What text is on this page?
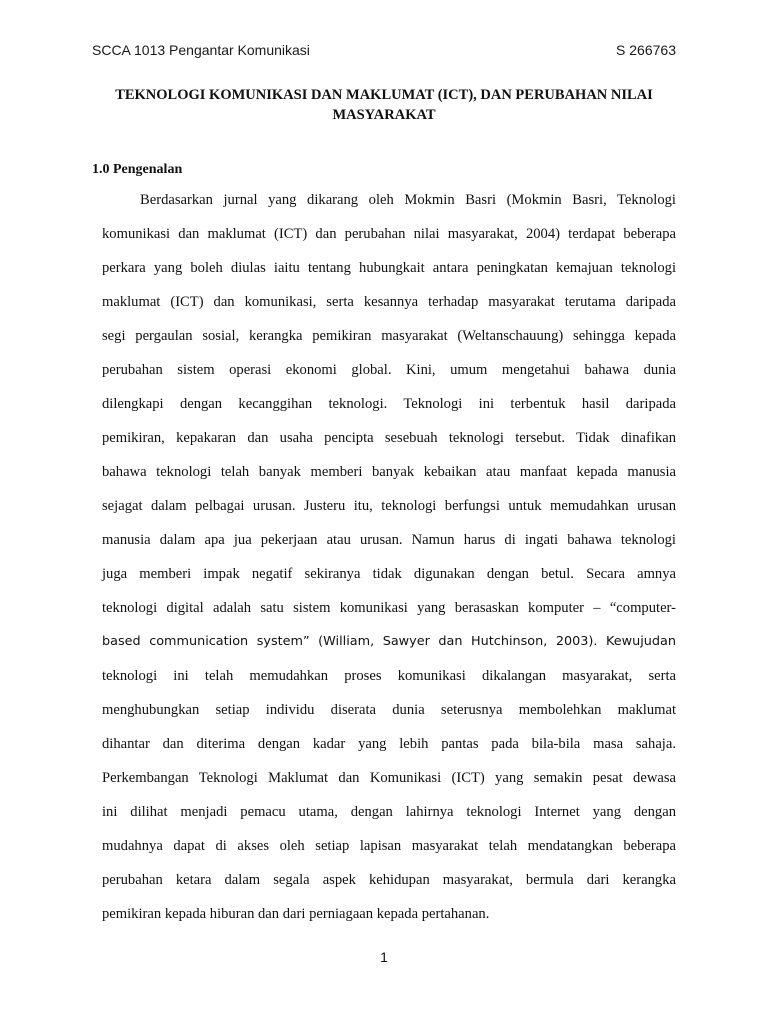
SCCA 1013 Pengantar Komunikasi	S 266763
TEKNOLOGI KOMUNIKASI DAN MAKLUMAT (ICT), DAN PERUBAHAN NILAI
MASYARAKAT
1.0 Pengenalan
Berdasarkan jurnal yang dikarang oleh Mokmin Basri (Mokmin Basri, Teknologi
komunikasi dan maklumat (ICT) dan perubahan nilai masyarakat, 2004) terdapat beberapa
perkara yang boleh diulas iaitu tentang hubungkait antara peningkatan kemajuan teknologi
maklumat (ICT) dan komunikasi, serta kesannya terhadap masyarakat terutama daripada
segi pergaulan sosial, kerangka pemikiran masyarakat (Weltanschauung) sehingga kepada
perubahan sistem operasi ekonomi global. Kini, umum mengetahui bahawa dunia
dilengkapi dengan kecanggihan teknologi. Teknologi ini terbentuk hasil daripada
pemikiran, kepakaran dan usaha pencipta sesebuah teknologi tersebut. Tidak dinafikan
bahawa teknologi telah banyak memberi banyak kebaikan atau manfaat kepada manusia
sejagat dalam pelbagai urusan. Justeru itu, teknologi berfungsi untuk memudahkan urusan
manusia dalam apa jua pekerjaan atau urusan. Namun harus di ingati bahawa teknologi
juga memberi impak negatif sekiranya tidak digunakan dengan betul. Secara amnya
teknologi digital adalah satu sistem komunikasi yang berasaskan komputer – “computer-
based communication system” (William, Sawyer dan Hutchinson, 2003). Kewujudan
teknologi ini telah memudahkan proses komunikasi dikalangan masyarakat, serta
menghubungkan setiap individu diserata dunia seterusnya membolehkan maklumat
dihantar dan diterima dengan kadar yang lebih pantas pada bila-bila masa sahaja.
Perkembangan Teknologi Maklumat dan Komunikasi (ICT) yang semakin pesat dewasa
ini dilihat menjadi pemacu utama, dengan lahirnya teknologi Internet yang dengan
mudahnya dapat di akses oleh setiap lapisan masyarakat telah mendatangkan beberapa
perubahan ketara dalam segala aspek kehidupan masyarakat, bermula dari kerangka
pemikiran kepada hiburan dan dari perniagaan kepada pertahanan.
1
